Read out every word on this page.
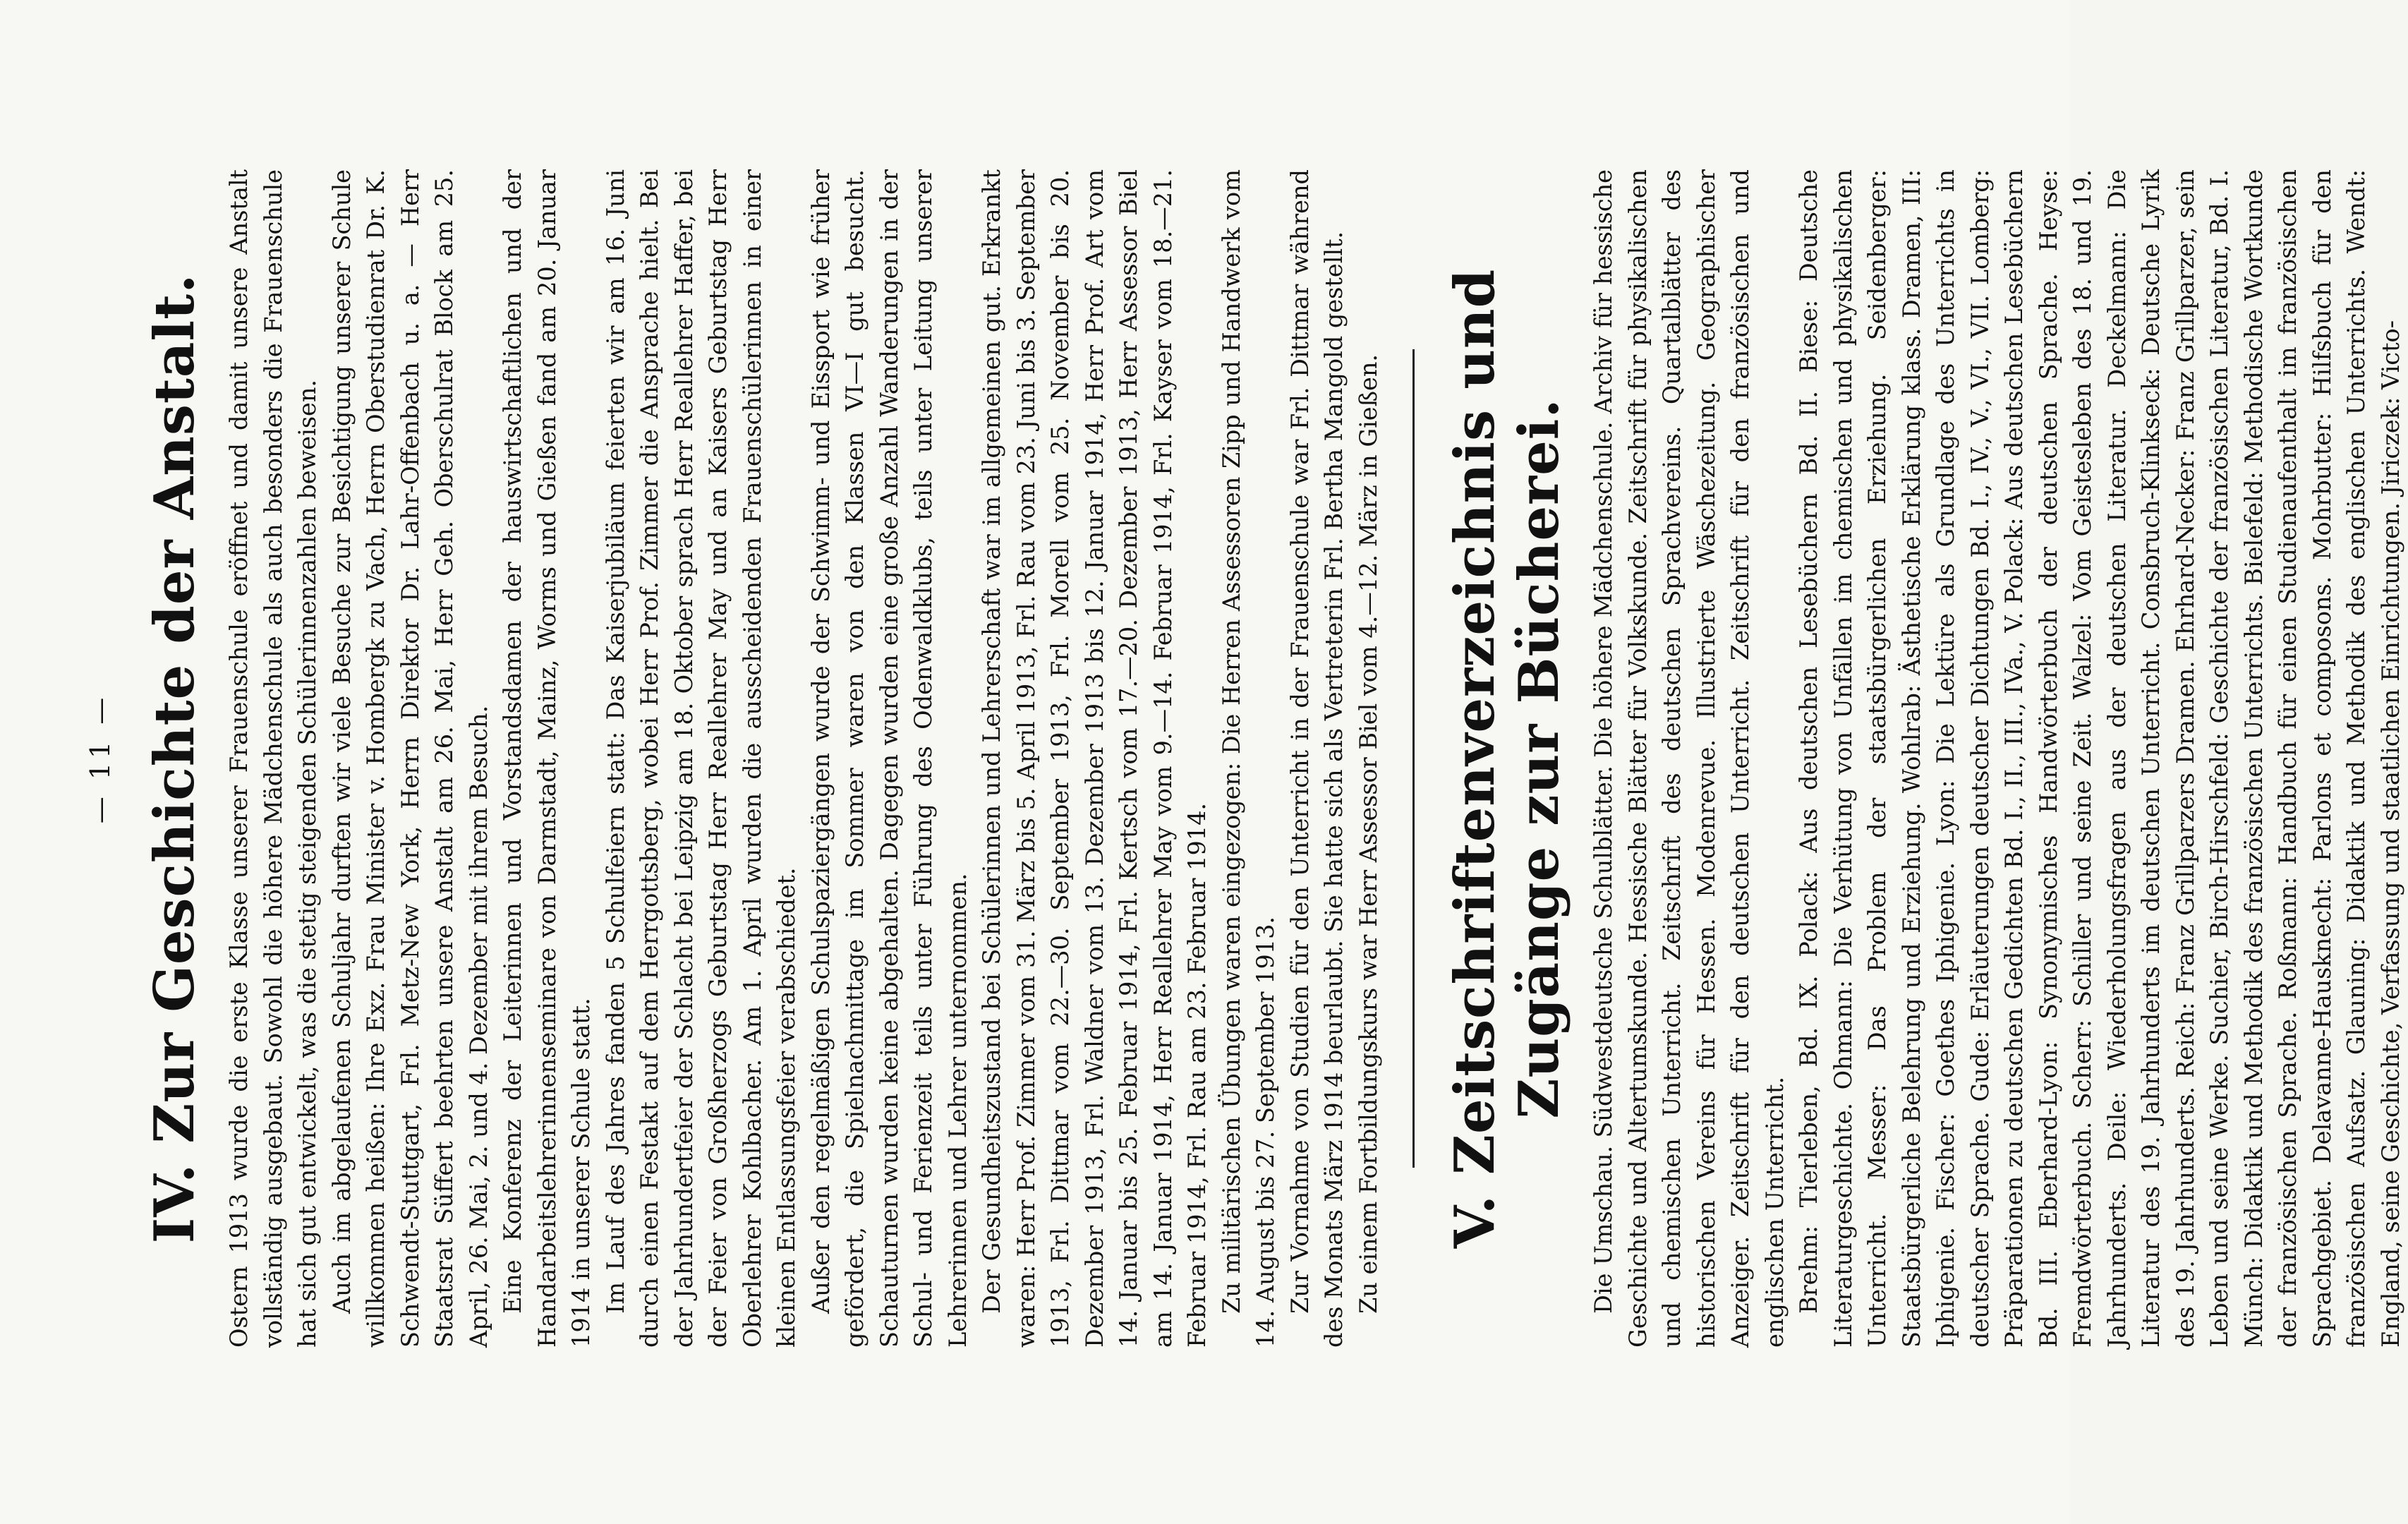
— 11 — IV. Zur Geschichte der Anstalt. Ostern 1913 wurde die erste Klasse unserer Frauenschule eröffnet und damit unsere Anstalt vollständig ausgebaut. Sowohl die höhere Mädchenschule als auch besonders die Frauenschule hat sich gut entwickelt, was die stetig steigenden Schülerinnenzahlen beweisen. Auch im abgelaufenen Schuljahr durften wir viele Besuche zur Besichtigung unserer Schule willkommen heißen: Ihre Exz. Frau Minister v. Hombergk zu Vach, Herrn Oberstudienrat Dr. K. Schwendt-Stuttgart, Frl. Metz-New York, Herrn Direktor Dr. Lahr-Offenbach u. a. — Herr Staatsrat Süffert beehrten unsere Anstalt am 26. Mai, Herr Geh. Oberschulrat Block am 25. April, 26. Mai, 2. und 4. Dezember mit ihrem Besuch. Eine Konferenz der Leiterinnen und Vorstandsdamen der hauswirtschaftlichen und der Handarbeitslehrerinnenseminare von Darmstadt, Mainz, Worms und Gießen fand am 20. Januar 1914 in unserer Schule statt. Im Lauf des Jahres fanden 5 Schulfeiern statt: Das Kaiserjubiläum feierten wir am 16. Juni durch einen Festakt auf dem Herrgottsberg, wobei Herr Prof. Zimmer die Ansprache hielt. Bei der Jahrhundertfeier der Schlacht bei Leipzig am 18. Oktober sprach Herr Reallehrer Haffer, bei der Feier von Großherzogs Geburtstag Herr Reallehrer May und an Kaisers Geburtstag Herr Oberlehrer Kohlbacher. Am 1. April wurden die ausscheidenden Frauenschülerinnen in einer kleinen Entlassungsfeier verabschiedet. Außer den regelmäßigen Schulspaziergängen wurde der Schwimm- und Eissport wie früher gefördert, die Spielnachmittage im Sommer waren von den Klassen VI—I gut besucht. Schauturnen wurden keine abgehalten. Dagegen wurden eine große Anzahl Wanderungen in der Schul- und Ferienzeit teils unter Führung des Odenwaldklubs, teils unter Leitung unserer Lehrerinnen und Lehrer unternommen. Der Gesundheitszustand bei Schülerinnen und Lehrerschaft war im allgemeinen gut. Erkrankt waren: Herr Prof. Zimmer vom 31. März bis 5. April 1913, Frl. Rau vom 23. Juni bis 3. September 1913, Frl. Dittmar vom 22.—30. September 1913, Frl. Morell vom 25. November bis 20. Dezember 1913, Frl. Waldner vom 13. Dezember 1913 bis 12. Januar 1914, Herr Prof. Art vom 14. Januar bis 25. Februar 1914, Frl. Kertsch vom 17.—20. Dezember 1913, Herr Assessor Biel am 14. Januar 1914, Herr Reallehrer May vom 9.—14. Februar 1914, Frl. Kayser vom 18.—21. Februar 1914, Frl. Rau am 23. Februar 1914. Zu militärischen Übungen waren eingezogen: Die Herren Assessoren Zipp und Handwerk vom 14. August bis 27. September 1913. Zur Vornahme von Studien für den Unterricht in der Frauenschule war Frl. Dittmar während des Monats März 1914 beurlaubt. Sie hatte sich als Vertreterin Frl. Bertha Mangold gestellt. Zu einem Fortbildungskurs war Herr Assessor Biel vom 4.—12. März in Gießen. V. Zeitschriftenverzeichnis und Zugänge zur Bücherei. Die Umschau. Südwestdeutsche Schulblätter. Die höhere Mädchenschule. Archiv für hessische Geschichte und Altertumskunde. Hessische Blätter für Volkskunde. Zeitschrift für physikalischen und chemischen Unterricht. Zeitschrift des deutschen Sprachvereins. Quartalblätter des historischen Vereins für Hessen. Modenrevue. Illustrierte Wäschezeitung. Geographischer Anzeiger. Zeitschrift für den deutschen Unterricht. Zeitschrift für den französischen und englischen Unterricht. Brehm: Tierleben, Bd. IX. Polack: Aus deutschen Lesebüchern Bd. II. Biese: Deutsche Literaturgeschichte. Ohmann: Die Verhütung von Unfällen im chemischen und physikalischen Unterricht. Messer: Das Problem der staatsbürgerlichen Erziehung. Seidenberger: Staatsbürgerliche Belehrung und Erziehung. Wohlrab: Ästhetische Erklärung klass. Dramen, III: Iphigenie. Fischer: Goethes Iphigenie. Lyon: Die Lektüre als Grundlage des Unterrichts in deutscher Sprache. Gude: Erläuterungen deutscher Dichtungen Bd. I., IV., V., VI., VII. Lomberg: Präparationen zu deutschen Gedichten Bd. I., II., III., IVa., V. Polack: Aus deutschen Lesebüchern Bd. III. Eberhard-Lyon: Synonymisches Handwörterbuch der deutschen Sprache. Heyse: Fremdwörterbuch. Scherr: Schiller und seine Zeit. Walzel: Vom Geistesleben des 18. und 19. Jahrhunderts. Deile: Wiederholungsfragen aus der deutschen Literatur. Deckelmann: Die Literatur des 19. Jahrhunderts im deutschen Unterricht. Consbruch-Klinkseck: Deutsche Lyrik des 19. Jahrhunderts. Reich: Franz Grillparzers Dramen. Ehrhard-Necker: Franz Grillparzer, sein Leben und seine Werke. Suchier, Birch-Hirschfeld: Geschichte der französischen Literatur, Bd. I. Münch: Didaktik und Methodik des französischen Unterrichts. Bielefeld: Methodische Wortkunde der französischen Sprache. Roßmann: Handbuch für einen Studienaufenthalt im französischen Sprachgebiet. Delavanne-Hausknecht: Parlons et composons. Mohrbutter: Hilfsbuch für den französischen Aufsatz. Glauning: Didaktik und Methodik des englischen Unterrichts. Wendt: England, seine Geschichte, Verfassung und staatlichen Einrichtungen. Jiriczek: Victo-
